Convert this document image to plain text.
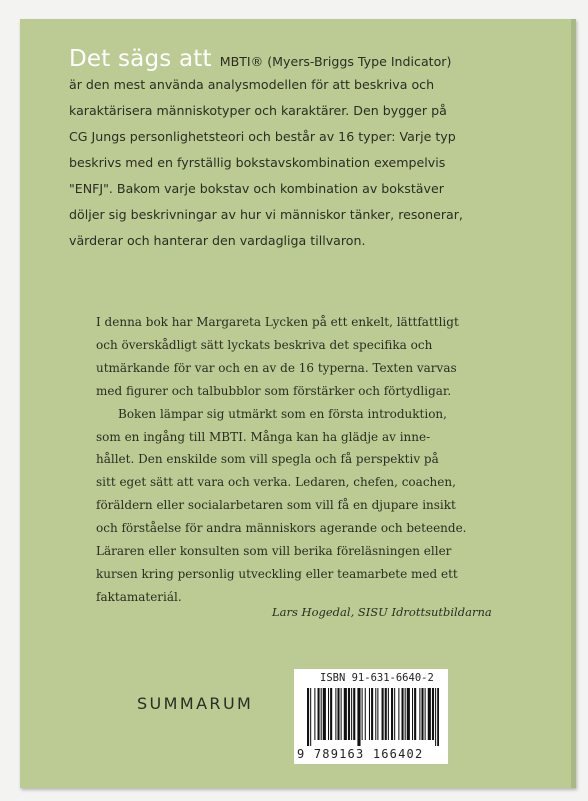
Det sägs att MBTI® (Myers-Briggs Type Indicator)
är den mest använda analysmodellen för att beskriva och
karaktärisera människotyper och karaktärer. Den bygger på
CG Jungs personlighetsteori och består av 16 typer: Varje typ
beskrivs med en fyrställig bokstavskombination exempelvis
"ENFJ". Bakom varje bokstav och kombination av bokstäver
döljer sig beskrivningar av hur vi människor tänker, resonerar,
värderar och hanterar den vardagliga tillvaron.
I denna bok har Margareta Lycken på ett enkelt, lättfattligt
och överskådligt sätt lyckats beskriva det specifika och
utmärkande för var och en av de 16 typerna. Texten varvas
med figurer och talbubblor som förstärker och förtydligar.
Boken lämpar sig utmärkt som en första introduktion,
som en ingång till MBTI. Många kan ha glädje av inne-
hållet. Den enskilde som vill spegla och få perspektiv på
sitt eget sätt att vara och verka. Ledaren, chefen, coachen,
föräldern eller socialarbetaren som vill få en djupare insikt
och förståelse för andra människors agerande och beteende.
Läraren eller konsulten som vill berika föreläsningen eller
kursen kring personlig utveckling eller teamarbete med ett
faktamateriál.
Lars Hogedal, SISU Idrottsutbildarna
SUMMARUM
ISBN 91-631-6640-2
9 789163 166402
